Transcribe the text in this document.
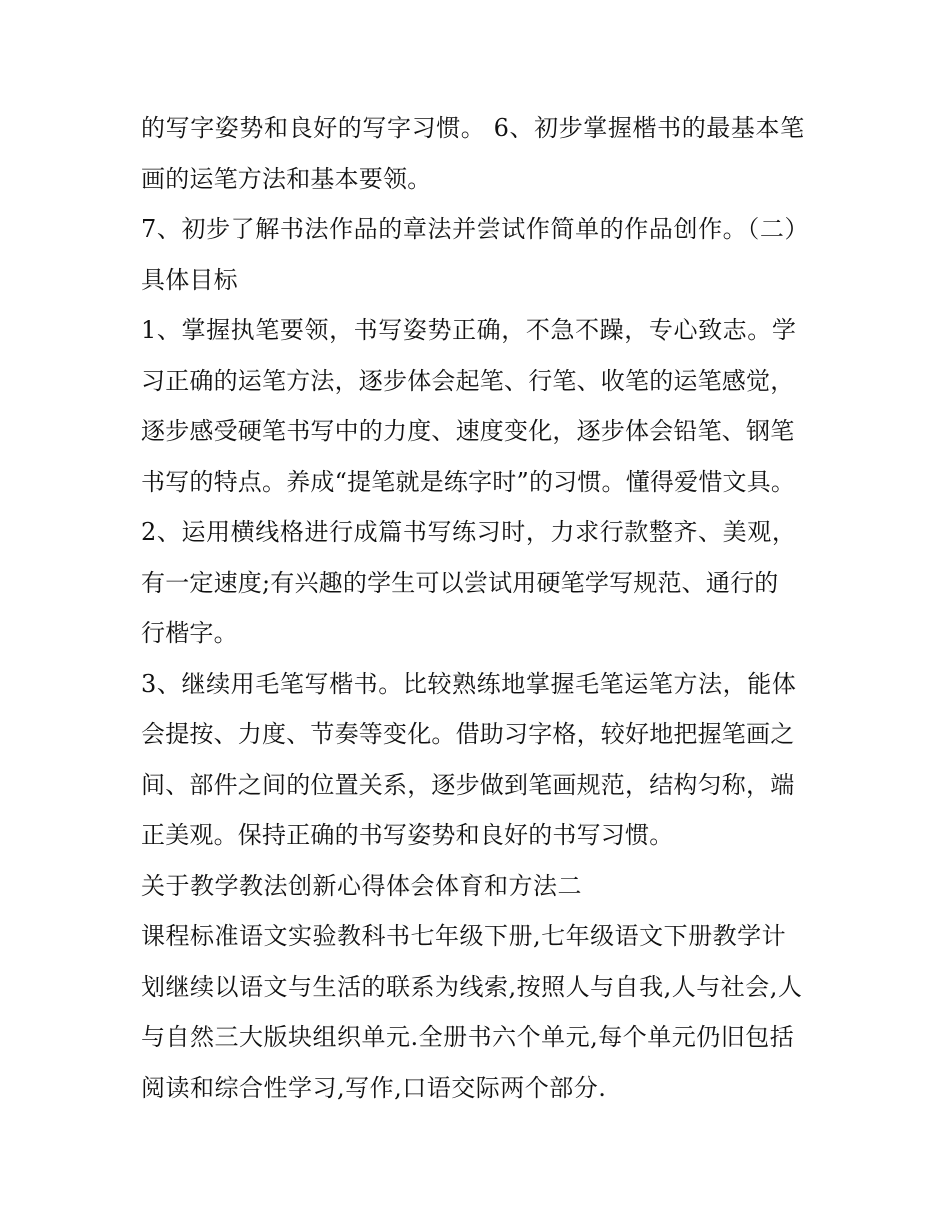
的写字姿势和良好的写字习惯。 6、初步掌握楷书的最基本笔
画的运笔方法和基本要领。
7、初步了解书法作品的章法并尝试作简单的作品创作。（二）
具体目标
1、掌握执笔要领，书写姿势正确，不急不躁，专心致志。学
习正确的运笔方法，逐步体会起笔、行笔、收笔的运笔感觉，
逐步感受硬笔书写中的力度、速度变化，逐步体会铅笔、钢笔
书写的特点。养成“提笔就是练字时”的习惯。懂得爱惜文具。
2、运用横线格进行成篇书写练习时，力求行款整齐、美观，
有一定速度;有兴趣的学生可以尝试用硬笔学写规范、通行的
行楷字。
3、继续用毛笔写楷书。比较熟练地掌握毛笔运笔方法，能体
会提按、力度、节奏等变化。借助习字格，较好地把握笔画之
间、部件之间的位置关系，逐步做到笔画规范，结构匀称，端
正美观。保持正确的书写姿势和良好的书写习惯。
关于教学教法创新心得体会体育和方法二
课程标准语文实验教科书七年级下册,七年级语文下册教学计
划继续以语文与生活的联系为线索,按照人与自我,人与社会,人
与自然三大版块组织单元.全册书六个单元,每个单元仍旧包括
阅读和综合性学习,写作,口语交际两个部分.
